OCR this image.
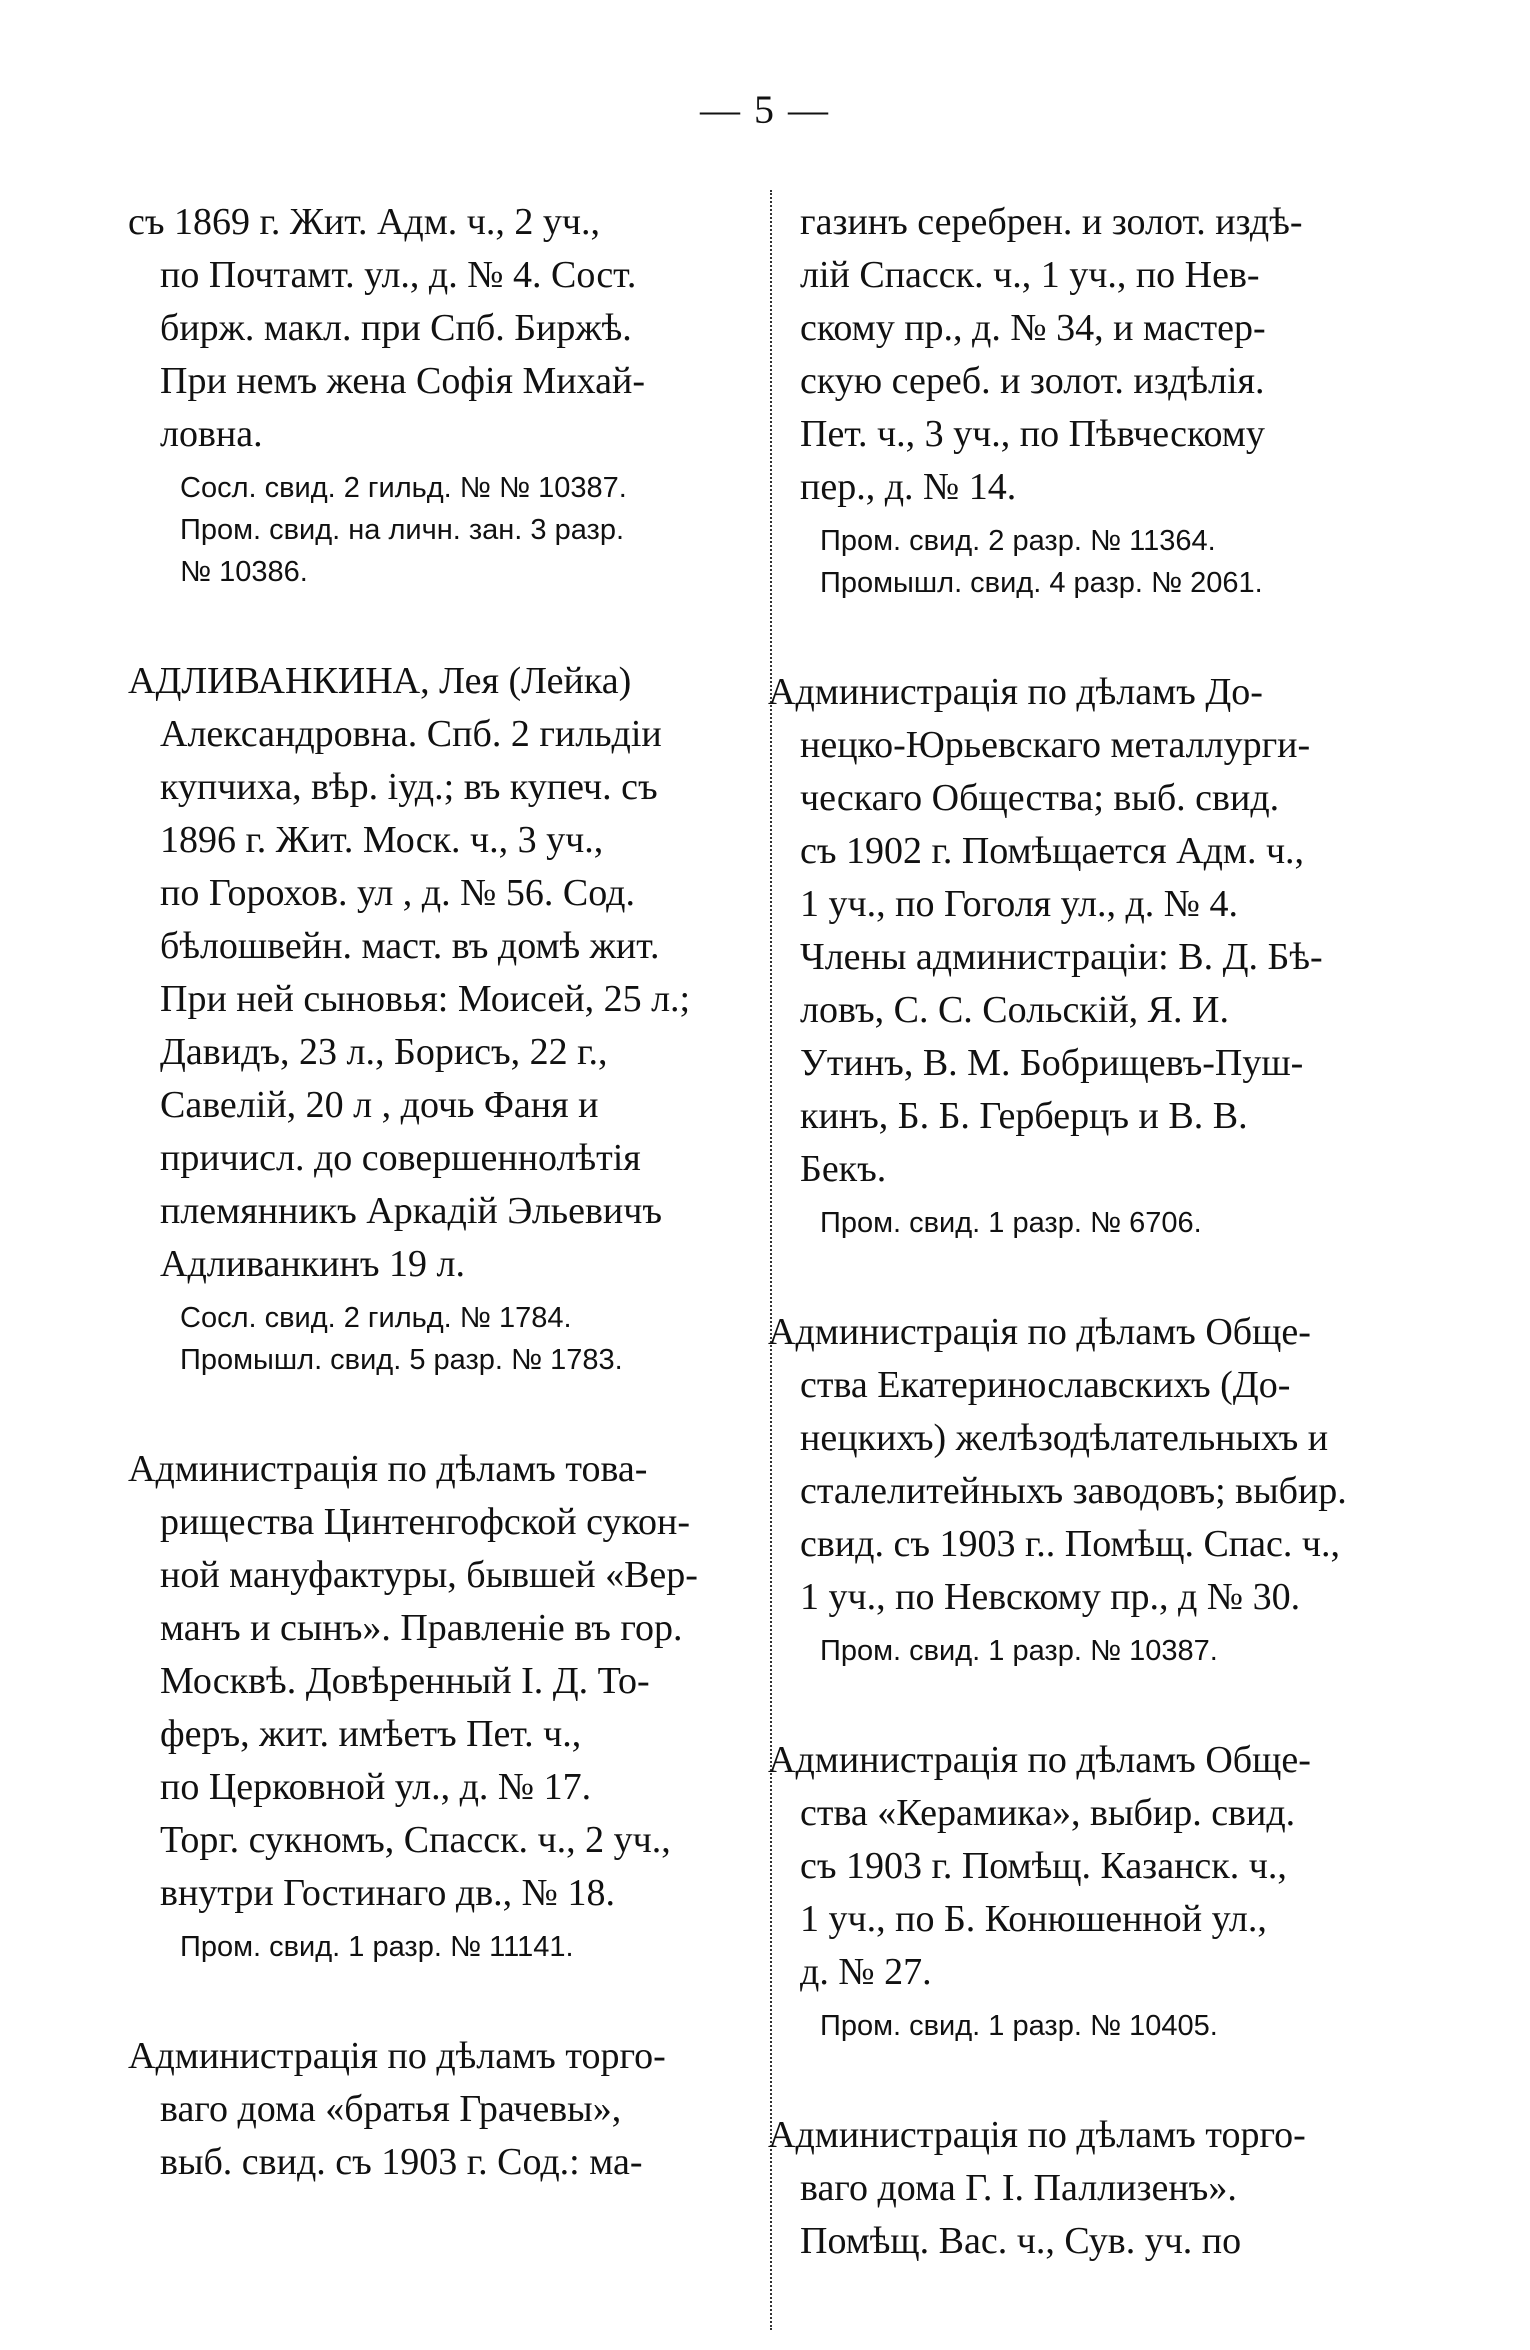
— 5 —
съ 1869 г. Жит. Адм. ч., 2 уч.,
по Почтамт. ул., д. № 4. Сост.
бирж. макл. при Спб. Биржѣ.
При немъ жена Софія Михай-
ловна.
Сосл. свид. 2 гильд. № № 10387.
Пром. свид. на личн. зан. 3 разр.
№ 10386.
АДЛИВАНКИНА, Лея (Лейка)
Александровна. Спб. 2 гильдіи
купчиха, вѣр. іуд.; въ купеч. съ
1896 г. Жит. Моск. ч., 3 уч.,
по Горохов. ул , д. № 56. Сод.
бѣлошвейн. маст. въ домѣ жит.
При ней сыновья: Моисей, 25 л.;
Давидъ, 23 л., Борисъ, 22 г.,
Савелій, 20 л , дочь Фаня и
причисл. до совершеннолѣтія
племянникъ Аркадій Эльевичъ
Адливанкинъ 19 л.
Сосл. свид. 2 гильд. № 1784.
Промышл. свид. 5 разр. № 1783.
Администрація по дѣламъ това-
рищества Цинтенгофской сукон-
ной мануфактуры, бывшей «Вер-
манъ и сынъ». Правленіе въ гор.
Москвѣ. Довѣренный І. Д. То-
феръ, жит. имѣетъ Пет. ч.,
по Церковной ул., д. № 17.
Торг. сукномъ, Спасск. ч., 2 уч.,
внутри Гостинаго дв., № 18.
Пром. свид. 1 разр. № 11141.
Администрація по дѣламъ торго-
ваго дома «братья Грачевы»,
выб. свид. съ 1903 г. Сод.: ма-
газинъ серебрен. и золот. издѣ-
лій Спасск. ч., 1 уч., по Нев-
скому пр., д. № 34, и мастер-
скую сереб. и золот. издѣлія.
Пет. ч., 3 уч., по Пѣвческому
пер., д. № 14.
Пром. свид. 2 разр. № 11364.
Промышл. свид. 4 разр. № 2061.
Администрація по дѣламъ До-
нецко-Юрьевскаго металлурги-
ческаго Общества; выб. свид.
съ 1902 г. Помѣщается Адм. ч.,
1 уч., по Гоголя ул., д. № 4.
Члены администраціи: В. Д. Бѣ-
ловъ, С. С. Сольскій, Я. И.
Утинъ, В. М. Бобрищевъ-Пуш-
кинъ, Б. Б. Герберцъ и В. В.
Бекъ.
Пром. свид. 1 разр. № 6706.
Администрація по дѣламъ Обще-
ства Екатеринославскихъ (До-
нецкихъ) желѣзодѣлательныхъ и
сталелитейныхъ заводовъ; выбир.
свид. съ 1903 г.. Помѣщ. Спас. ч.,
1 уч., по Невскому пр., д № 30.
Пром. свид. 1 разр. № 10387.
Администрація по дѣламъ Обще-
ства «Керамика», выбир. свид.
съ 1903 г. Помѣщ. Казанск. ч.,
1 уч., по Б. Конюшенной ул.,
д. № 27.
Пром. свид. 1 разр. № 10405.
Администрація по дѣламъ торго-
ваго дома Г. І. Паллизенъ».
Помѣщ. Вас. ч., Сув. уч. по
